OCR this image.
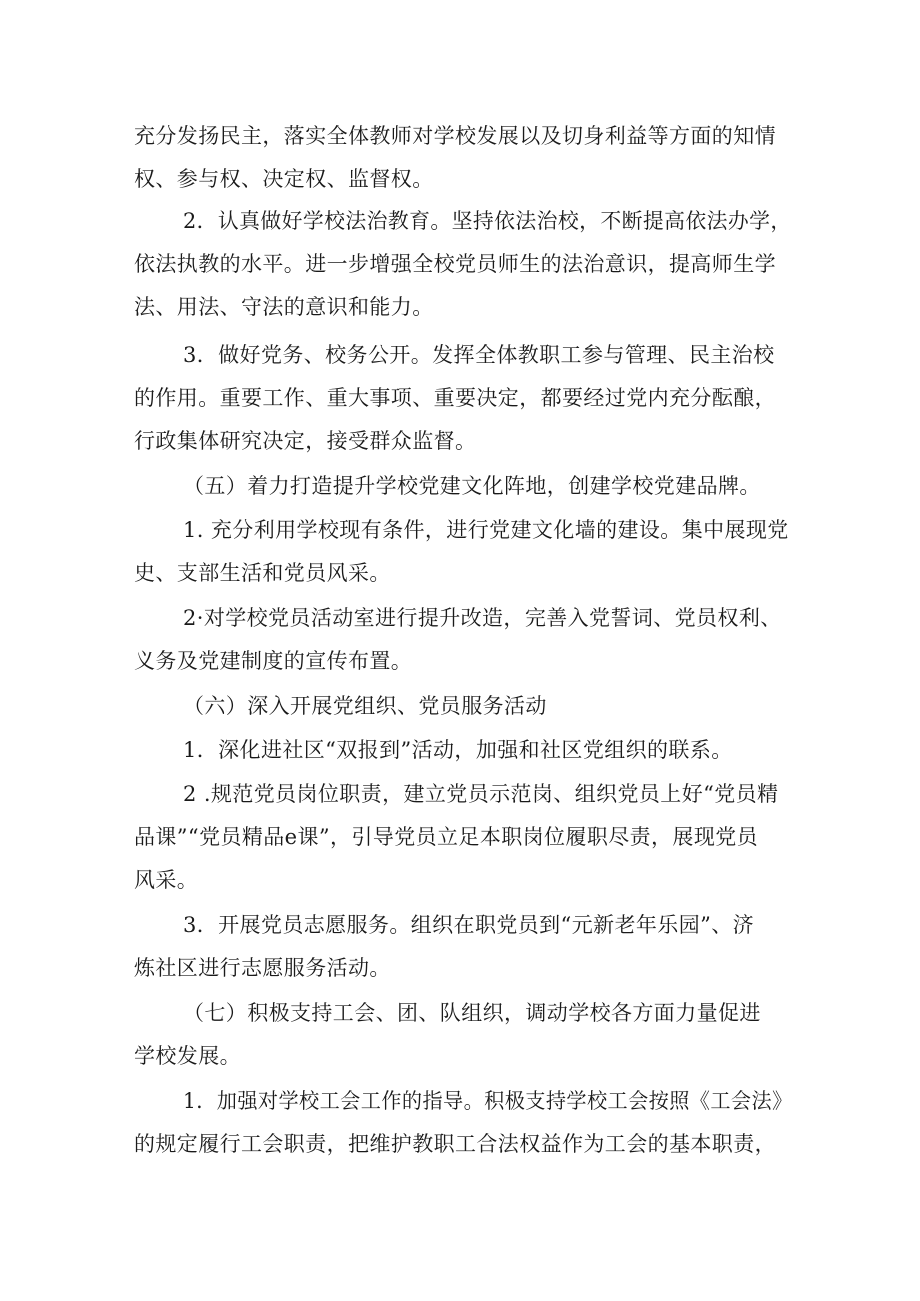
充分发扬民主，落实全体教师对学校发展以及切身利益等方面的知情
权、参与权、决定权、监督权。
2．认真做好学校法治教育。坚持依法治校，不断提高依法办学，
依法执教的水平。进一步增强全校党员师生的法治意识，提高师生学
法、用法、守法的意识和能力。
3．做好党务、校务公开。发挥全体教职工参与管理、民主治校
的作用。重要工作、重大事项、重要决定，都要经过党内充分酝酿，
行政集体研究决定，接受群众监督。
（五）着力打造提升学校党建文化阵地，创建学校党建品牌。
1. 充分利用学校现有条件，进行党建文化墙的建设。集中展现党
史、支部生活和党员风采。
2·对学校党员活动室进行提升改造，完善入党誓词、党员权利、
义务及党建制度的宣传布置。
（六）深入开展党组织、党员服务活动
1．深化进社区“双报到”活动，加强和社区党组织的联系。
2 .规范党员岗位职责，建立党员示范岗、组织党员上好“党员精
品课”“党员精品e课”，引导党员立足本职岗位履职尽责，展现党员
风采。
3．开展党员志愿服务。组织在职党员到“元新老年乐园”、济
炼社区进行志愿服务活动。
（七）积极支持工会、团、队组织，调动学校各方面力量促进
学校发展。
1．加强对学校工会工作的指导。积极支持学校工会按照《工会法》
的规定履行工会职责，把维护教职工合法权益作为工会的基本职责，
